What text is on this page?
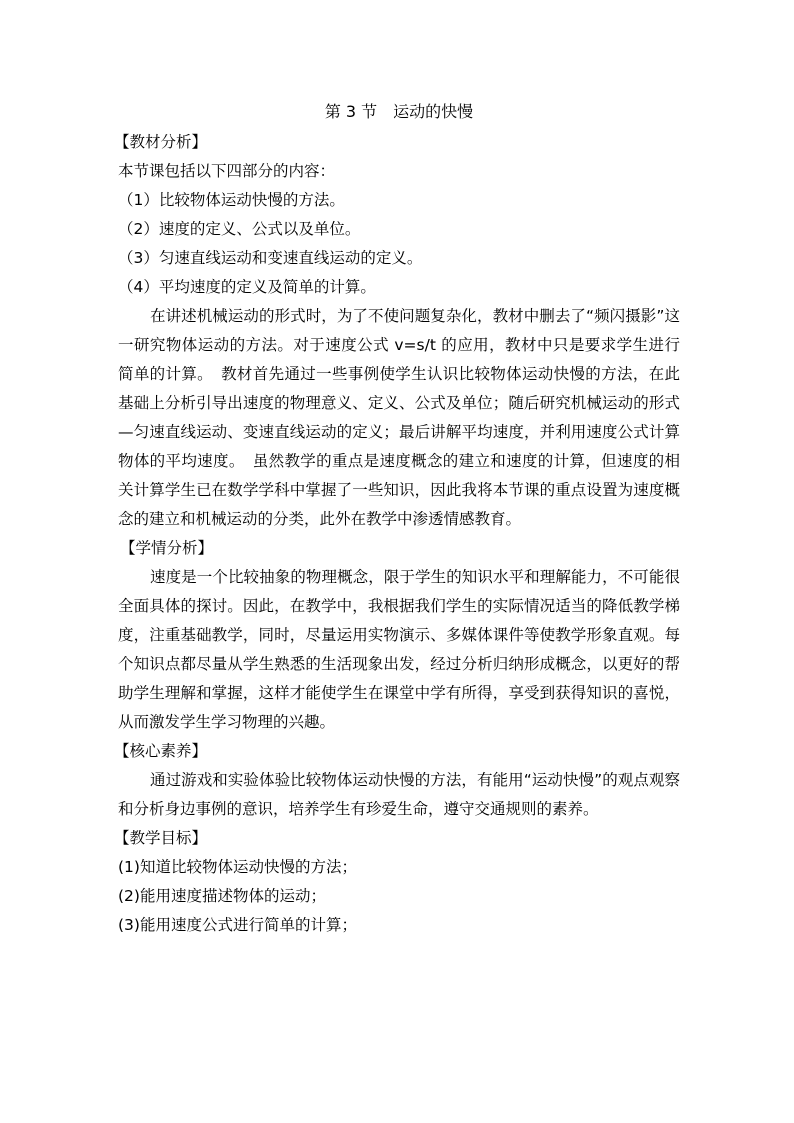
第 3 节　运动的快慢
【教材分析】
本节课包括以下四部分的内容：
（1）比较物体运动快慢的方法。
（2）速度的定义、公式以及单位。
（3）匀速直线运动和变速直线运动的定义。
（4）平均速度的定义及简单的计算。

在讲述机械运动的形式时，为了不使问题复杂化，教材中删去了“频闪摄影”这一研究物体运动的方法。对于速度公式 v=s/t 的应用，教材中只是要求学生进行简单的计算。　教材首先通过一些事例使学生认识比较物体运动快慢的方法，在此基础上分析引导出速度的物理意义、定义、公式及单位；随后研究机械运动的形式—匀速直线运动、变速直线运动的定义；最后讲解平均速度，并利用速度公式计算物体的平均速度。　虽然教学的重点是速度概念的建立和速度的计算，但速度的相关计算学生已在数学学科中掌握了一些知识，因此我将本节课的重点设置为速度概念的建立和机械运动的分类，此外在教学中渗透情感教育。

【学情分析】

速度是一个比较抽象的物理概念，限于学生的知识水平和理解能力，不可能很全面具体的探讨。因此，在教学中，我根据我们学生的实际情况适当的降低教学梯度，注重基础教学，同时，尽量运用实物演示、多媒体课件等使教学形象直观。每个知识点都尽量从学生熟悉的生活现象出发，经过分析归纳形成概念，以更好的帮助学生理解和掌握，这样才能使学生在课堂中学有所得，享受到获得知识的喜悦，从而激发学生学习物理的兴趣。

【核心素养】

通过游戏和实验体验比较物体运动快慢的方法，有能用“运动快慢”的观点观察和分析身边事例的意识，培养学生有珍爱生命，遵守交通规则的素养。

【教学目标】
(1)知道比较物体运动快慢的方法；
(2)能用速度描述物体的运动；
(3)能用速度公式进行简单的计算；
